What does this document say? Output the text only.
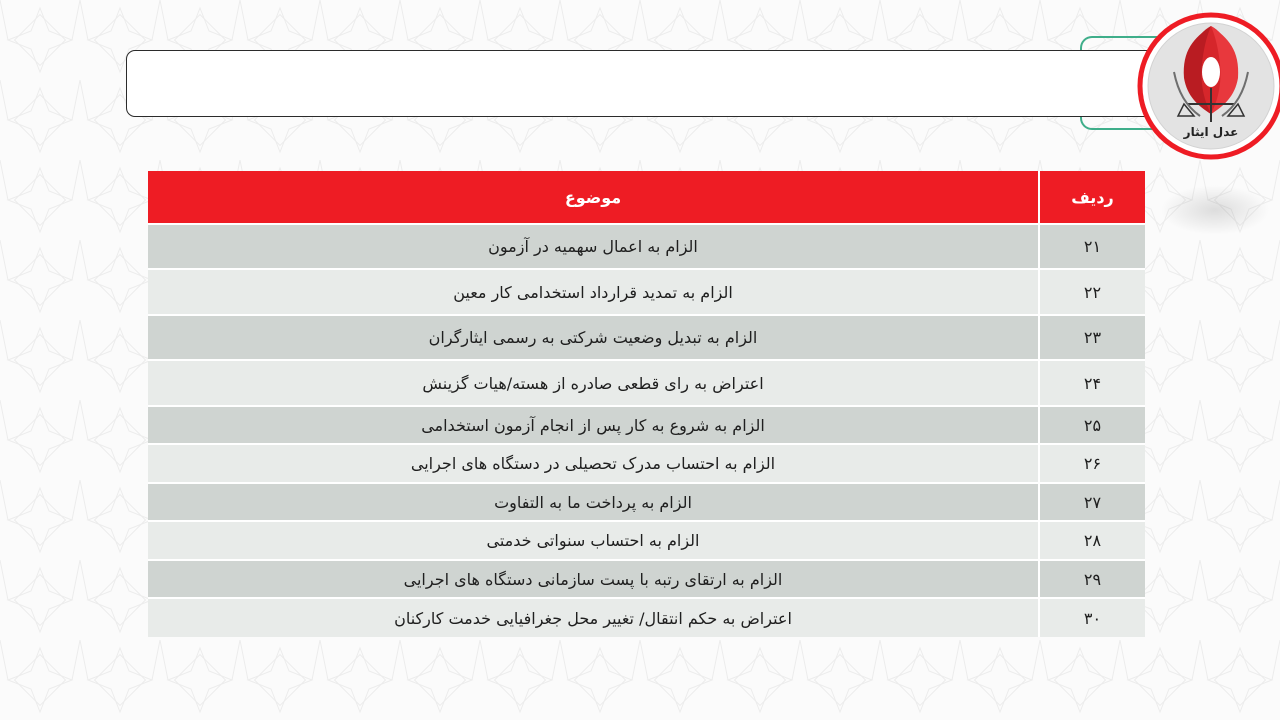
عدل ایثار
ردیف	موضوع
۲۱	الزام به اعمال سهمیه در آزمون
۲۲	الزام به تمدید قرارداد استخدامی کار معین
۲۳	الزام به تبدیل وضعیت شرکتی به رسمی ایثارگران
۲۴	اعتراض به رای قطعی صادره از هسته/هیات گزینش
۲۵	الزام به شروع به کار پس از انجام آزمون استخدامی
۲۶	الزام به احتساب مدرک تحصیلی در دستگاه های اجرایی
۲۷	الزام به پرداخت ما به التفاوت
۲۸	الزام به احتساب سنواتی خدمتی
۲۹	الزام به ارتقای رتبه با پست سازمانی دستگاه های اجرایی
۳۰	اعتراض به حکم انتقال/ تغییر محل جغرافیایی خدمت کارکنان
